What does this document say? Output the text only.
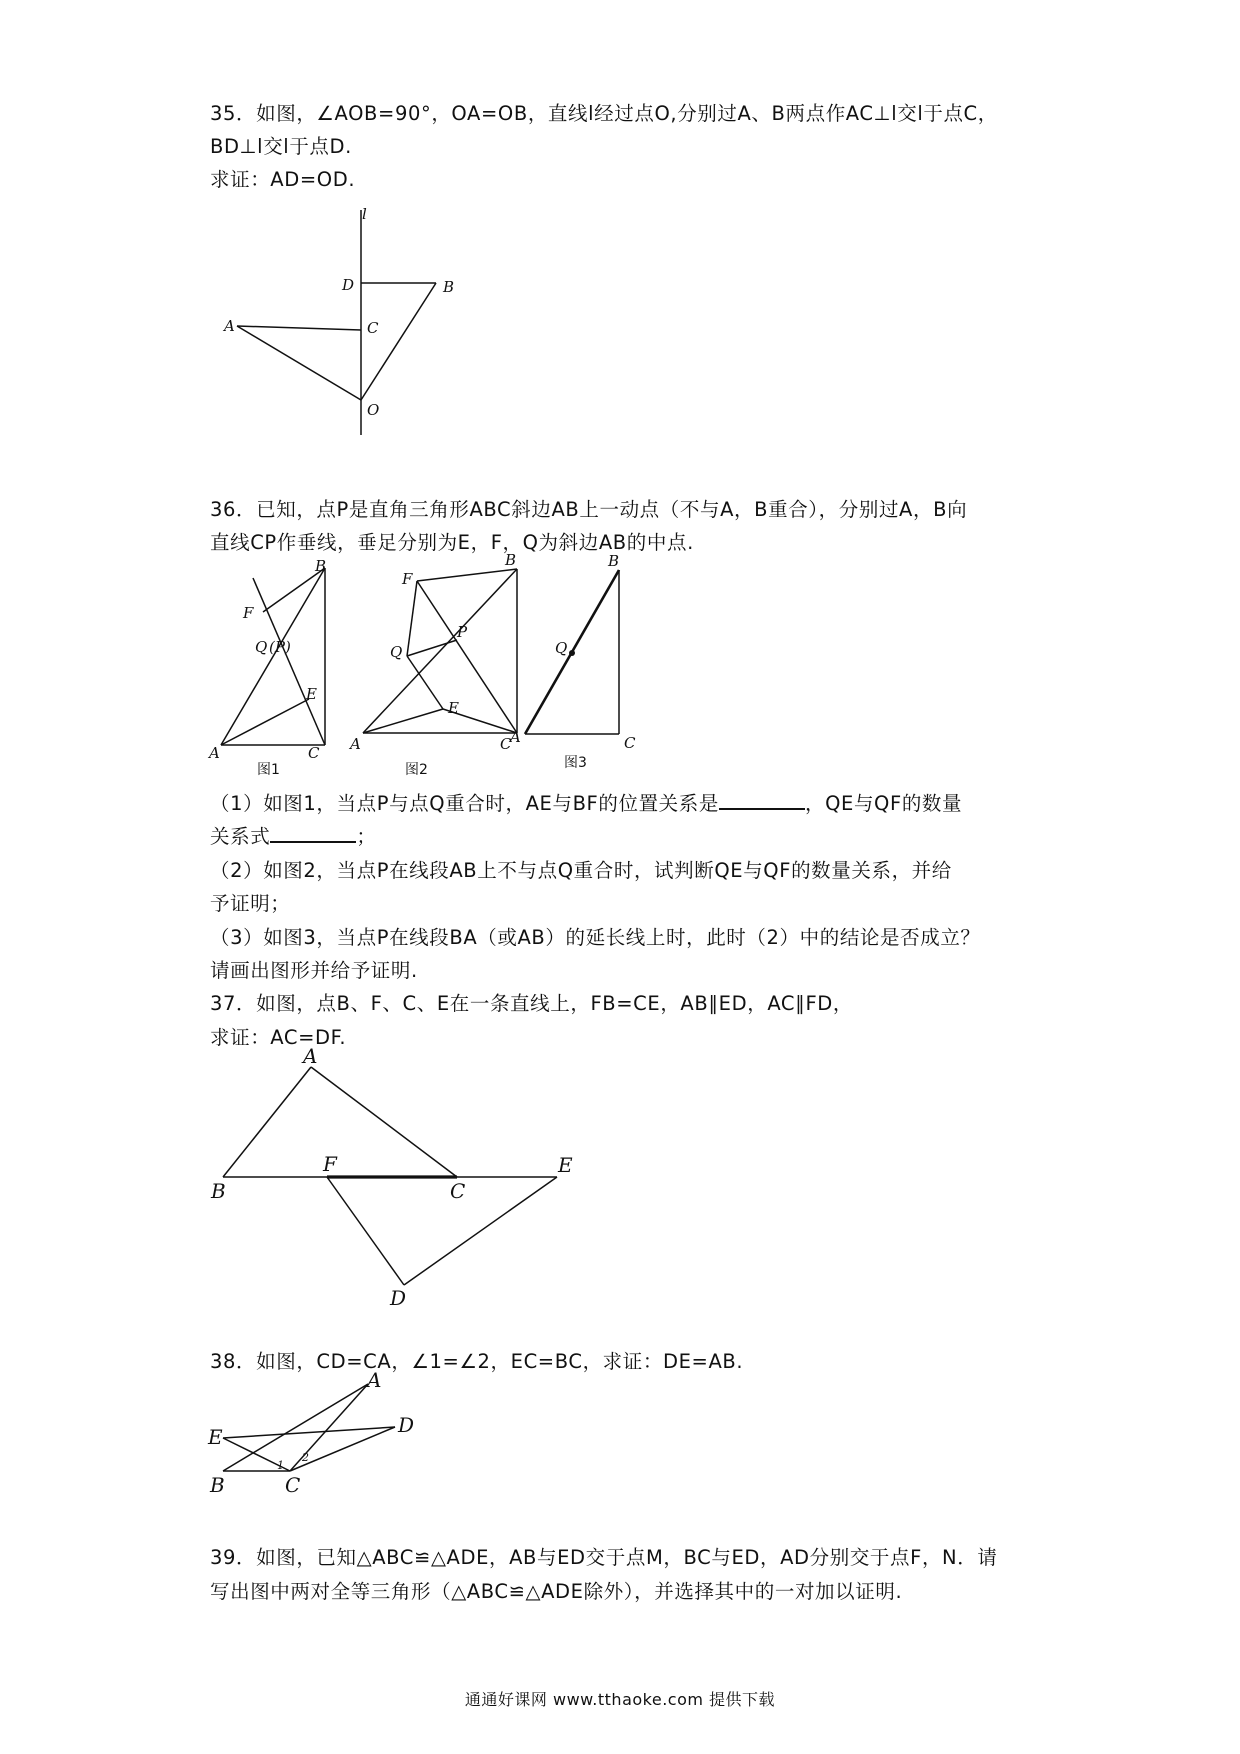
35．如图，∠AOB=90°，OA=OB，直线l经过点O,分别过A、B两点作AC⊥l交l于点C，
BD⊥l交l于点D.
求证：AD=OD.
l
D	B
A	C
O
36．已知，点P是直角三角形ABC斜边AB上一动点（不与A，B重合），分别过A，B向
直线CP作垂线，垂足分别为E，F，Q为斜边AB的中点.
B
F
Q (P)
E
A	C
图1
B
F
P
Q
E
A	C
图2
B
Q
A	C
图3
（1）如图1，当点P与点Q重合时，AE与BF的位置关系是	，QE与QF的数量
关系式	；
（2）如图2，当点P在线段AB上不与点Q重合时，试判断QE与QF的数量关系，并给
予证明；
（3）如图3，当点P在线段BA（或AB）的延长线上时，此时（2）中的结论是否成立？
请画出图形并给予证明.
37．如图，点B、F、C、E在一条直线上，FB=CE，AB∥ED，AC∥FD，
求证：AC=DF.
A
B
F
C
E
D
38．如图，CD=CA，∠1=∠2，EC=BC，求证：DE=AB.
A
D
E
B	C
1
2
39．如图，已知△ABC≌△ADE，AB与ED交于点M，BC与ED，AD分别交于点F，N．请
写出图中两对全等三角形（△ABC≌△ADE除外），并选择其中的一对加以证明.
通通好课网 www.tthaoke.com 提供下载
